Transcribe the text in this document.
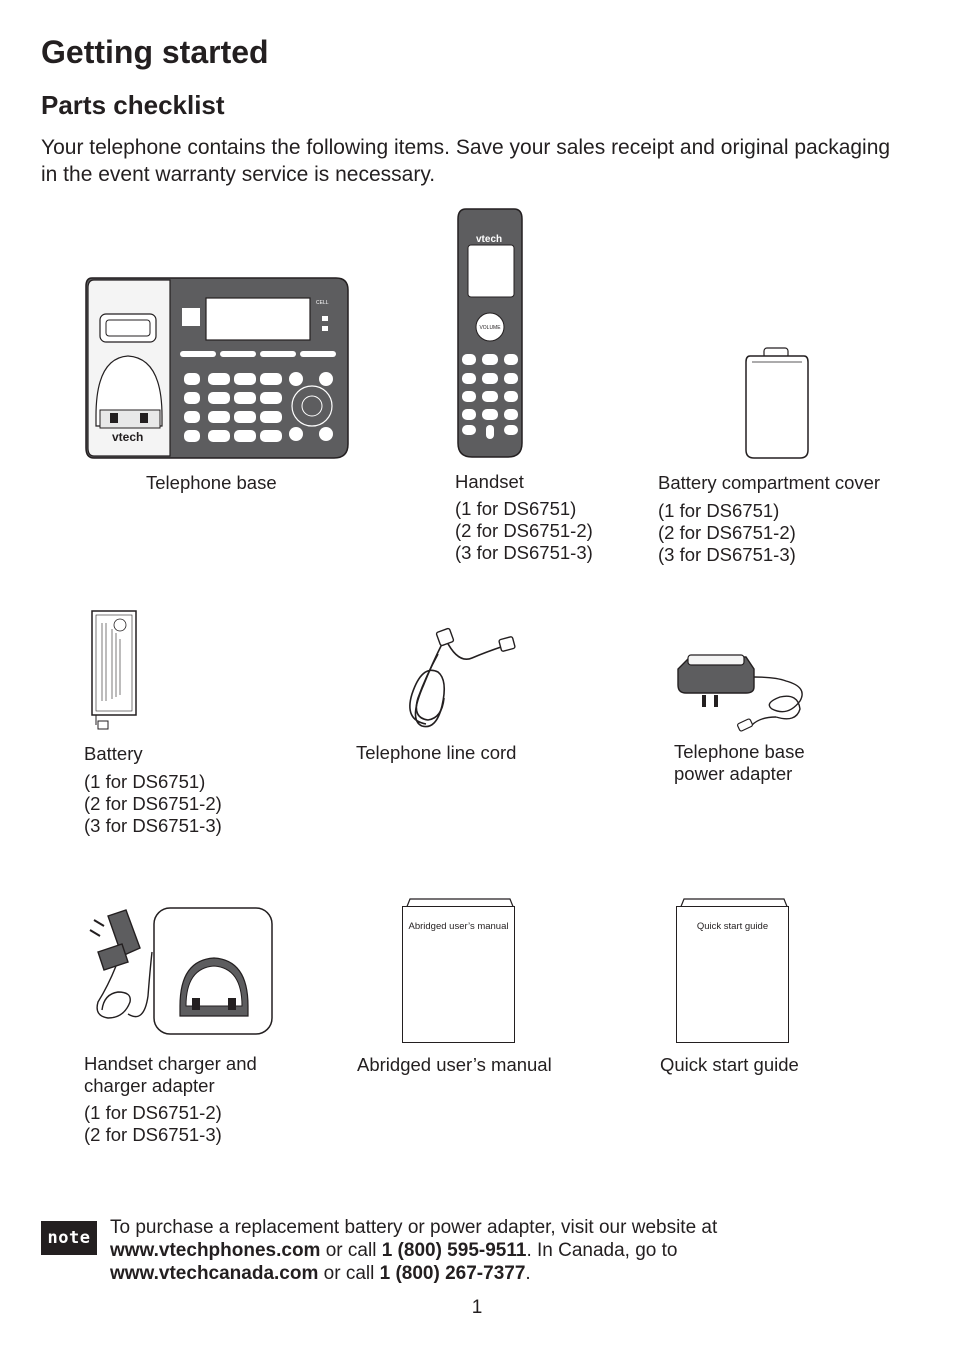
Getting started
Parts checklist

Your telephone contains the following items. Save your sales receipt and original packaging in the event warranty service is necessary.

vtech
CELL

Telephone base

vtech
VOLUME

Handset

(1 for DS6751)
(2 for DS6751-2)
(3 for DS6751-3)

Battery compartment cover

(1 for DS6751)
(2 for DS6751-2)
(3 for DS6751-3)

Battery

(1 for DS6751)
(2 for DS6751-2)
(3 for DS6751-3)

Telephone line cord	Telephone base
power adapter

vtech

Handset charger and
charger adapter

(1 for DS6751-2)
(2 for DS6751-3)
Abridged user’s manual

Abridged user’s manual

Quick start guide

Quick start guide

note	To purchase a replacement battery or power adapter, visit our website at
www.vtechphones.com or call 1 (800) 595-9511. In Canada, go to
www.vtechcanada.com or call 1 (800) 267-7377.
1
